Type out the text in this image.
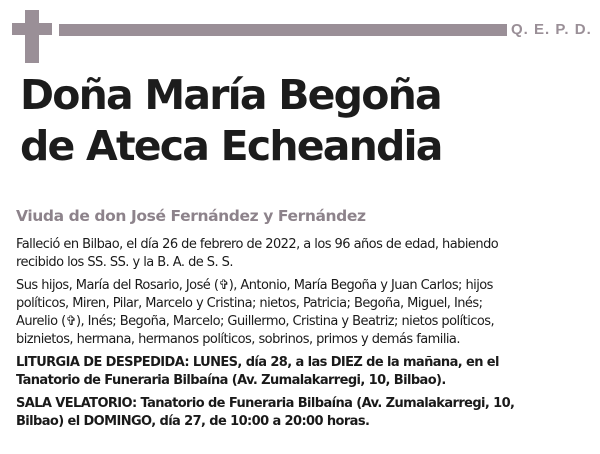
Q. E. P. D.
Doña María Begoña
de Ateca Echeandia
Viuda de don José Fernández y Fernández

Falleció en Bilbao, el día 26 de febrero de 2022, a los 96 años de edad, habiendo
recibido los SS. SS. y la B. A. de S. S.

Sus hijos, María del Rosario, José (✞), Antonio, María Begoña y Juan Carlos; hijos
políticos, Miren, Pilar, Marcelo y Cristina; nietos, Patricia; Begoña, Miguel, Inés;
Aurelio (✞), Inés; Begoña, Marcelo; Guillermo, Cristina y Beatriz; nietos políticos,
biznietos, hermana, hermanos políticos, sobrinos, primos y demás familia.

LITURGIA DE DESPEDIDA: LUNES, día 28, a las DIEZ de la mañana, en el
Tanatorio de Funeraria Bilbaína (Av. Zumalakarregi, 10, Bilbao).

SALA VELATORIO: Tanatorio de Funeraria Bilbaína (Av. Zumalakarregi, 10,
Bilbao) el DOMINGO, día 27, de 10:00 a 20:00 horas.
